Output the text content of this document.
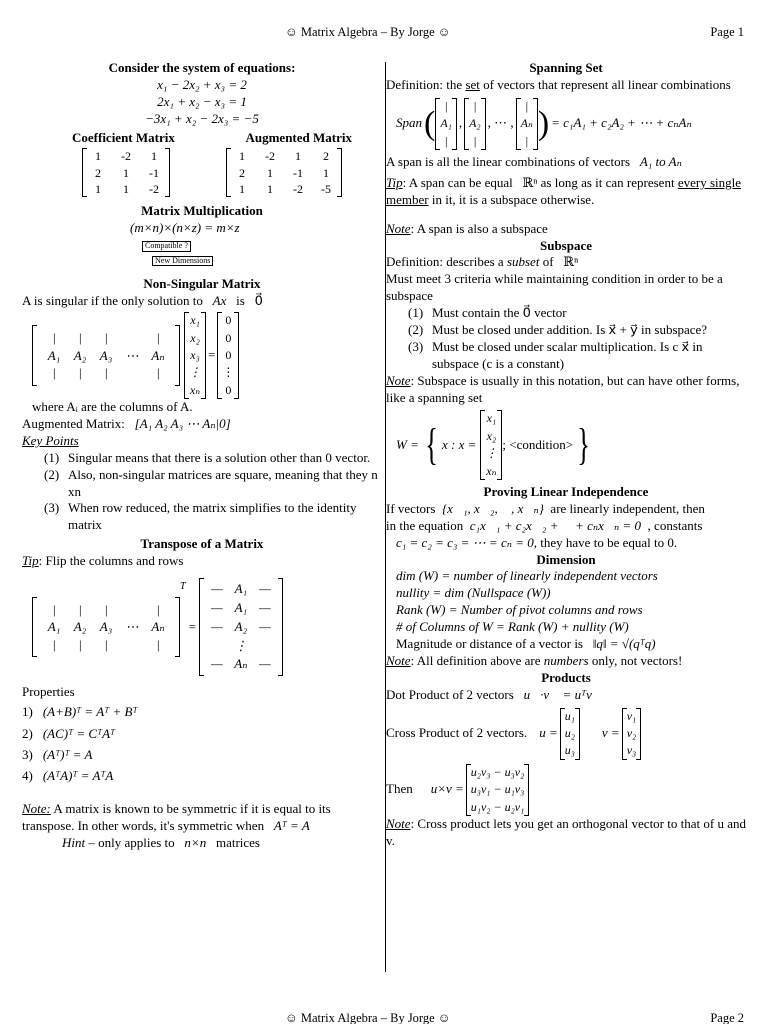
☺ Matrix Algebra – By Jorge ☺	Page 1
Consider the system of equations:
x₁ − 2x₂ + x₃ = 2
2x₁ + x₂ − x₃ = 1
−3x₁ + x₂ − 2x₃ = −5
Coefficient Matrix	Augmented Matrix
1	-2	1
2	1	-1
1	1	-2
1	-2	1	2
2	1	-1	1
1	1	-2	-5
Matrix Multiplication
(m×n)×(n×z) = m×z
Compatible ?
New Dimensions
Non-Singular Matrix
A is singular if the only solution to Ax is 0⃗
|	|	|	|
A₁	A₂	A₃	⋯ Aₙ
|	|	|	|
x₁
x₂
x₃
⋮
xₙ
=
0
0
0
⋮
0
where Aᵢ are the columns of A.
Augmented Matrix: [A₁ A₂ A₃ ⋯ Aₙ|0]
Key Points
(1) Singular means that there is a solution other than 0 vector.
(2) Also, non-singular matrices are square, meaning that they n xn
(3) When row reduced, the matrix simplifies to the identity matrix
Transpose of a Matrix
Tip: Flip the columns and rows
|	|	|	|
A₁	A₂	A₃	⋯ Aₙ
|	|	|	|
T
=
— A₁ —
— A₁ —
— A₂ —
⋮
— Aₙ —
Properties
1) (A+B)ᵀ = Aᵀ + Bᵀ
2) (AC)ᵀ = CᵀAᵀ
3) (Aᵀ)ᵀ = A
4) (AᵀA)ᵀ = AᵀA
Note: A matrix is known to be symmetric if it is equal to its transpose. In other words, it's symmetric when Aᵀ = A
Hint – only applies to n×n matrices
Spanning Set
Definition: the set of vectors that represent all linear combinations
Span ( |
A₁
|
,
|
A₂
|
, ⋯ ,
|
Aₙ
| ) = c₁A₁ + c₂A₂ + ⋯ + cₙAₙ
A span is all the linear combinations of vectors A₁ to Aₙ
Tip: A span can be equal ℝⁿ as long as it can represent every single member in it, it is a subspace otherwise.
Note: A span is also a subspace
Subspace
Definition: describes a subset of ℝⁿ
Must meet 3 criteria while maintaining condition in order to be a subspace
(1) Must contain the 0⃗ vector
(2) Must be closed under addition. Is x⃗ + y⃗ in subspace?
(3) Must be closed under scalar multiplication. Is c x⃗ in subspace (c is a constant)
Note: Subspace is usually in this notation, but can have other forms, like a spanning set
W = { x : x =
x₁
x₂
⋮
xₙ
; <condition> }
Proving Linear Independence
If vectors {x⃗₁, x⃗₂, ⋯, x⃗ₙ} are linearly independent, then
in the equation c₁x⃗₁ + c₂x⃗₂ + ⋯ + cₙx⃗ₙ = 0 , constants
c₁ = c₂ = c₃ = ⋯ = cₙ = 0, they have to be equal to 0.
Dimension
dim (W) = number of linearly independent vectors
nullity = dim (Nullspace (W))
Rank (W) = Number of pivot columns and rows
# of Columns of W = Rank (W) + nullity (W)
Magnitude or distance of a vector is ‖q‖ = √(qᵀq)
Note: All definition above are numbers only, not vectors!
Products
Dot Product of 2 vectors u⃗·v⃗ = uᵀv
Cross Product of 2 vectors. u =
u₁
u₂
u₃
v =
v₁
v₂
v₃
Then u×v =
u₂v₃ − u₃v₂
u₃v₁ − u₁v₃
u₁v₂ − u₂v₁
Note: Cross product lets you get an orthogonal vector to that of u and v.
☺ Matrix Algebra – By Jorge ☺	Page 2
